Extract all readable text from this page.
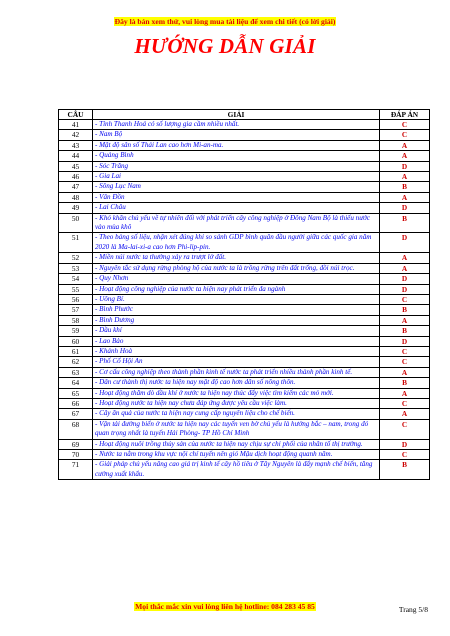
Đây là bản xem thử, vui lòng mua tài liệu để xem chi tiết (có lời giải)
HƯỚNG DẪN GIẢI
CÂU	GIẢI	ĐÁP ÁN
41	- Tỉnh Thanh Hoá có số lượng gia cầm nhiều nhất.	C
42	- Nam Bộ	C
43	- Mật độ sân số Thái Lan cao hơn Mi-an-ma.	A
44	- Quảng Bình	A
45	- Sóc Trăng	D
46	- Gia Lai	A
47	- Sông Lục Nam	B
48	- Vân Đồn	A
49	- Lai Châu	D
50	- Khó khăn chủ yếu về tự nhiên đối với phát triển cây công nghiệp ở Đông Nam Bộ là thiếu nước vào mùa khô	B
51	- Theo bảng số liệu, nhận xét đúng khi so sánh GDP bình quân đầu người giữa các quốc gia năm 2020 là Ma-lai-xi-a cao hơn Phi-lip-pin.	D
52	- Miền núi nước ta thường xảy ra trượt lở đất.	A
53	- Nguyên tắc sử dụng rừng phòng hộ của nước ta là trồng rừng trên đất trống, đồi núi trọc.	A
54	- Quy Nhơn	D
55	- Hoạt động công nghiệp của nước ta hiện nay phát triển đa ngành	D
56	- Uông Bí.	C
57	- Bình Phước	B
58	- Bình Dương	A
59	- Dầu khí	B
60	- Lao Bảo	D
61	- Khánh Hoà	C
62	- Phố Cổ Hội An	C
63	- Cơ cấu công nghiệp theo thành phần kinh tế nước ta phát triển nhiều thành phần kinh tế.	A
64	- Dân cư thành thị nước ta hiện nay mật độ cao hơn dân số nông thôn.	B
65	- Hoạt động thăm dò dầu khí ở nước ta hiện nay thúc đẩy việc tìm kiếm các mỏ mới.	A
66	- Hoạt động nước ta hiện nay chưa đáp ứng được yêu cầu việc làm.	C
67	- Cây ăn quả của nước ta hiện nay cung cấp nguyên liệu cho chế biến.	A
68	- Vận tải đường biển ở nước ta hiện nay các tuyến ven bờ chủ yếu là hướng bắc – nam, trong đó quan trọng nhất là tuyến Hải Phòng- TP Hồ Chí Minh	C
69	- Hoạt động nuôi trồng thủy sản của nước ta hiện nay chịu sự chi phối của nhân tố thị trường.	D
70	- Nước ta nằm trong khu vực nội chí tuyến nên gió Mậu dịch hoạt động quanh năm.	C
71	- Giải pháp chủ yếu nâng cao giá trị kinh tế cây hồ tiêu ở Tây Nguyên là đẩy mạnh chế biến, tăng cường xuất khẩu.	B
Mọi thắc mắc xin vui lòng liên hệ hotline: 084 283 45 85	Trang 5/8
